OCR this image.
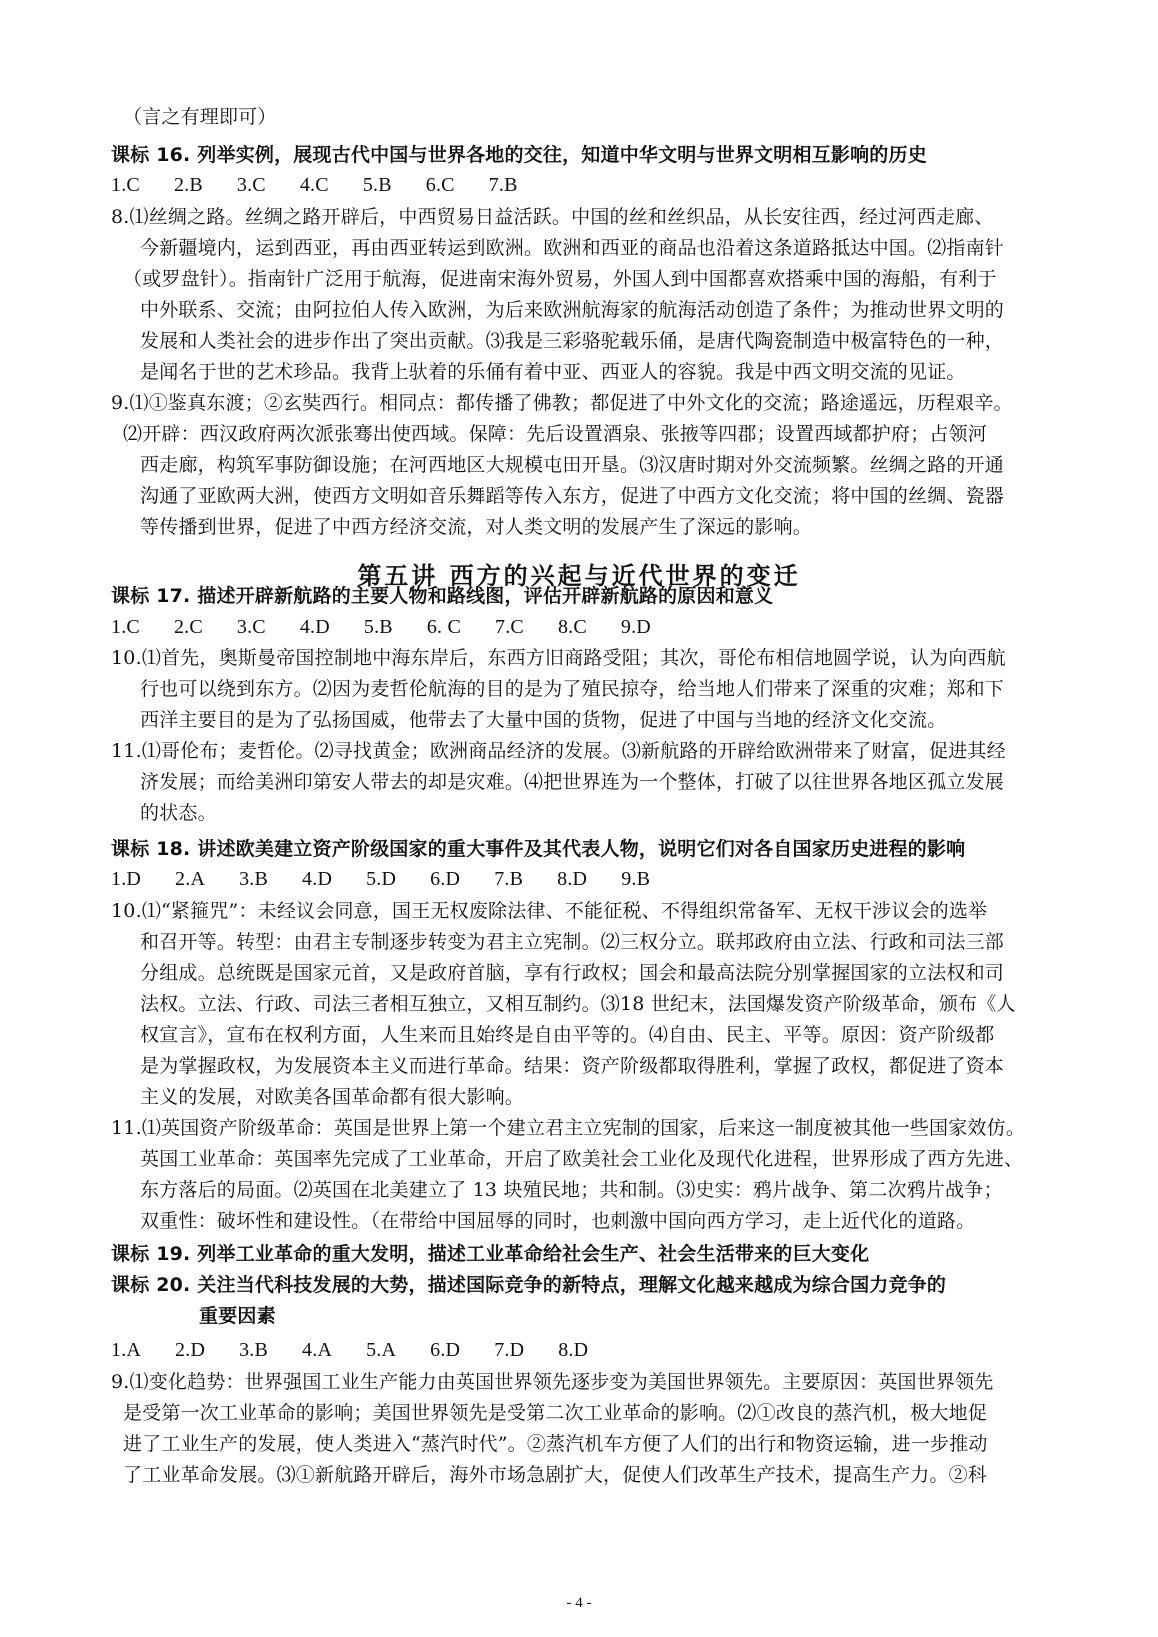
（言之有理即可）
课标 16. 列举实例，展现古代中国与世界各地的交往，知道中华文明与世界文明相互影响的历史
1.C 2.B 3.C 4.C 5.B 6.C 7.B
8.⑴丝绸之路。丝绸之路开辟后，中西贸易日益活跃。中国的丝和丝织品，从长安往西，经过河西走廊、
今新疆境内，运到西亚，再由西亚转运到欧洲。欧洲和西亚的商品也沿着这条道路抵达中国。⑵指南针
（或罗盘针）。指南针广泛用于航海，促进南宋海外贸易，外国人到中国都喜欢搭乘中国的海船，有利于
中外联系、交流；由阿拉伯人传入欧洲，为后来欧洲航海家的航海活动创造了条件；为推动世界文明的
发展和人类社会的进步作出了突出贡献。⑶我是三彩骆驼载乐俑，是唐代陶瓷制造中极富特色的一种，
是闻名于世的艺术珍品。我背上驮着的乐俑有着中亚、西亚人的容貌。我是中西文明交流的见证。
9.⑴①鉴真东渡；②玄奘西行。相同点：都传播了佛教；都促进了中外文化的交流；路途遥远，历程艰辛。
⑵开辟：西汉政府两次派张骞出使西域。保障：先后设置酒泉、张掖等四郡；设置西域都护府；占领河
西走廊，构筑军事防御设施；在河西地区大规模屯田开垦。⑶汉唐时期对外交流频繁。丝绸之路的开通
沟通了亚欧两大洲，使西方文明如音乐舞蹈等传入东方，促进了中西方文化交流；将中国的丝绸、瓷器
等传播到世界，促进了中西方经济交流，对人类文明的发展产生了深远的影响。
第五讲 西方的兴起与近代世界的变迁
课标 17. 描述开辟新航路的主要人物和路线图，评估开辟新航路的原因和意义
1.C 2.C 3.C 4.D 5.B 6. C 7.C 8.C 9.D
10.⑴首先，奥斯曼帝国控制地中海东岸后，东西方旧商路受阻；其次，哥伦布相信地圆学说，认为向西航
行也可以绕到东方。⑵因为麦哲伦航海的目的是为了殖民掠夺，给当地人们带来了深重的灾难；郑和下
西洋主要目的是为了弘扬国威，他带去了大量中国的货物，促进了中国与当地的经济文化交流。
11.⑴哥伦布；麦哲伦。⑵寻找黄金；欧洲商品经济的发展。⑶新航路的开辟给欧洲带来了财富，促进其经
济发展；而给美洲印第安人带去的却是灾难。⑷把世界连为一个整体，打破了以往世界各地区孤立发展
的状态。
课标 18. 讲述欧美建立资产阶级国家的重大事件及其代表人物，说明它们对各自国家历史进程的影响
1.D 2.A 3.B 4.D 5.D 6.D 7.B 8.D 9.B
10.⑴“紧箍咒”：未经议会同意，国王无权废除法律、不能征税、不得组织常备军、无权干涉议会的选举
和召开等。转型：由君主专制逐步转变为君主立宪制。⑵三权分立。联邦政府由立法、行政和司法三部
分组成。总统既是国家元首，又是政府首脑，享有行政权；国会和最高法院分别掌握国家的立法权和司
法权。立法、行政、司法三者相互独立，又相互制约。⑶18 世纪末，法国爆发资产阶级革命，颁布《人
权宣言》，宣布在权利方面，人生来而且始终是自由平等的。⑷自由、民主、平等。原因：资产阶级都
是为掌握政权，为发展资本主义而进行革命。结果：资产阶级都取得胜利，掌握了政权，都促进了资本
主义的发展，对欧美各国革命都有很大影响。
11.⑴英国资产阶级革命：英国是世界上第一个建立君主立宪制的国家，后来这一制度被其他一些国家效仿。
英国工业革命：英国率先完成了工业革命，开启了欧美社会工业化及现代化进程，世界形成了西方先进、
东方落后的局面。⑵英国在北美建立了 13 块殖民地；共和制。⑶史实：鸦片战争、第二次鸦片战争；
双重性：破坏性和建设性。（在带给中国屈辱的同时，也刺激中国向西方学习，走上近代化的道路。
课标 19. 列举工业革命的重大发明，描述工业革命给社会生产、社会生活带来的巨大变化
课标 20. 关注当代科技发展的大势，描述国际竞争的新特点，理解文化越来越成为综合国力竞争的
重要因素
1.A 2.D 3.B 4.A 5.A 6.D 7.D 8.D
9.⑴变化趋势：世界强国工业生产能力由英国世界领先逐步变为美国世界领先。主要原因：英国世界领先
是受第一次工业革命的影响；美国世界领先是受第二次工业革命的影响。⑵①改良的蒸汽机，极大地促
进了工业生产的发展，使人类进入“蒸汽时代”。②蒸汽机车方便了人们的出行和物资运输，进一步推动
了工业革命发展。⑶①新航路开辟后，海外市场急剧扩大，促使人们改革生产技术，提高生产力。②科
- 4 -
